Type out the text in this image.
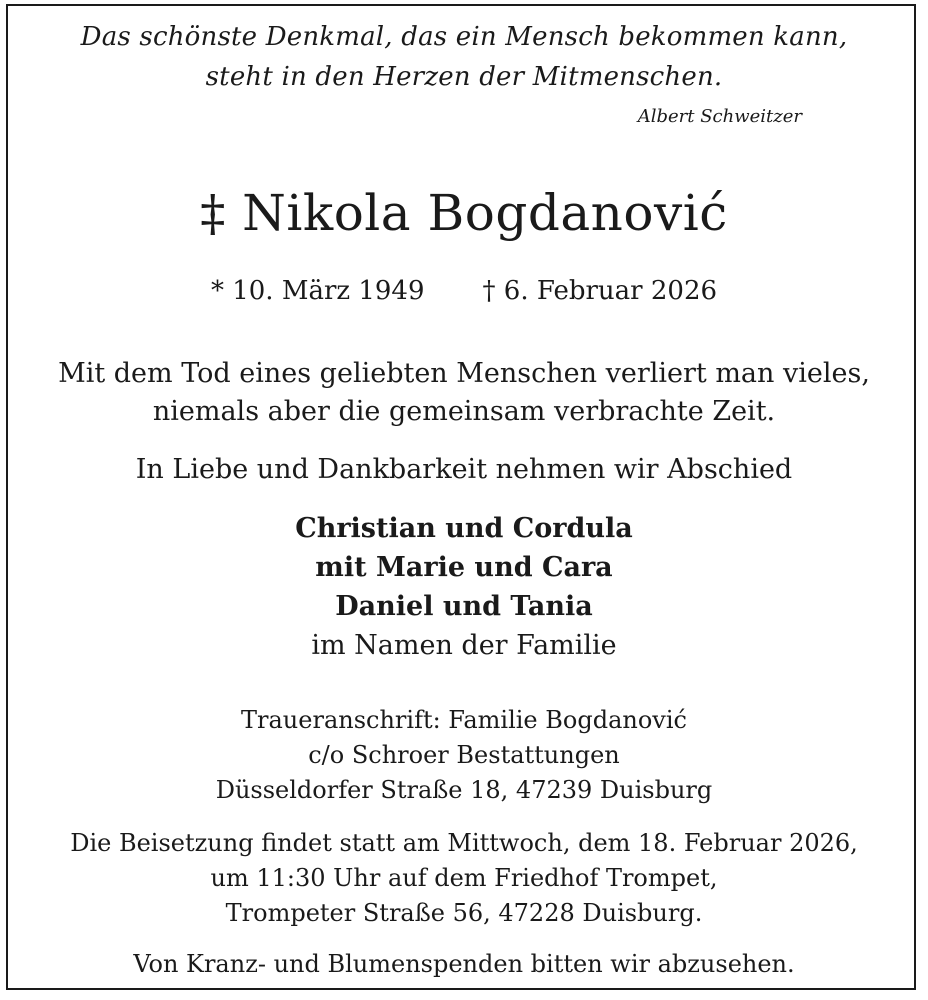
Das schönste Denkmal, das ein Mensch bekommen kann,
steht in den Herzen der Mitmenschen.
Albert Schweitzer
‡ Nikola Bogdanović
* 10. März 1949 † 6. Februar 2026
Mit dem Tod eines geliebten Menschen verliert man vieles,
niemals aber die gemeinsam verbrachte Zeit.
In Liebe und Dankbarkeit nehmen wir Abschied
Christian und Cordula
mit Marie und Cara
Daniel und Tania
im Namen der Familie
Traueranschrift: Familie Bogdanović
c/o Schroer Bestattungen
Düsseldorfer Straße 18, 47239 Duisburg
Die Beisetzung findet statt am Mittwoch, dem 18. Februar 2026,
um 11:30 Uhr auf dem Friedhof Trompet,
Trompeter Straße 56, 47228 Duisburg.
Von Kranz- und Blumenspenden bitten wir abzusehen.
